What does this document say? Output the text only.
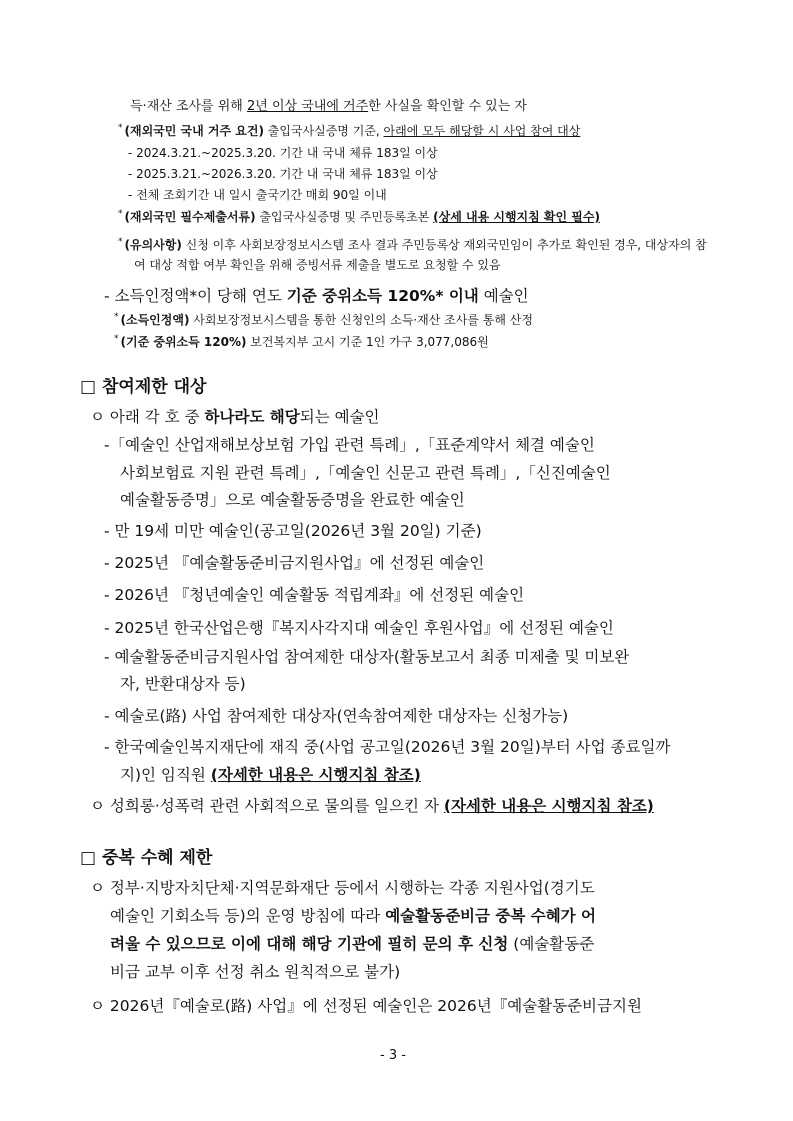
득·재산 조사를 위해 2년 이상 국내에 거주한 사실을 확인할 수 있는 자
* (재외국민 국내 거주 요건) 출입국사실증명 기준, 아래에 모두 해당할 시 사업 참여 대상
- 2024.3.21.~2025.3.20. 기간 내 국내 체류 183일 이상
- 2025.3.21.~2026.3.20. 기간 내 국내 체류 183일 이상
- 전체 조회기간 내 일시 출국기간 매회 90일 이내
* (재외국민 필수제출서류) 출입국사실증명 및 주민등록초본 (상세 내용 시행지침 확인 필수)
* (유의사항) 신청 이후 사회보장정보시스템 조사 결과 주민등록상 재외국민임이 추가로 확인된 경우, 대상자의 참
여 대상 적합 여부 확인을 위해 증빙서류 제출을 별도로 요청할 수 있음
- 소득인정액*이 당해 연도 기준 중위소득 120%* 이내 예술인
* (소득인정액) 사회보장정보시스템을 통한 신청인의 소득·재산 조사를 통해 산정
* (기준 중위소득 120%) 보건복지부 고시 기준 1인 가구 3,077,086원
□ 참여제한 대상
ㅇ 아래 각 호 중 하나라도 해당되는 예술인
-「예술인 산업재해보상보험 가입 관련 특례」,「표준계약서 체결 예술인
사회보험료 지원 관련 특례」,「예술인 신문고 관련 특례」,「신진예술인
예술활동증명」으로 예술활동증명을 완료한 예술인
- 만 19세 미만 예술인(공고일(2026년 3월 20일) 기준)
- 2025년 『예술활동준비금지원사업』에 선정된 예술인
- 2026년 『청년예술인 예술활동 적립계좌』에 선정된 예술인
- 2025년 한국산업은행『복지사각지대 예술인 후원사업』에 선정된 예술인
- 예술활동준비금지원사업 참여제한 대상자(활동보고서 최종 미제출 및 미보완
자, 반환대상자 등)
- 예술로(路) 사업 참여제한 대상자(연속참여제한 대상자는 신청가능)
- 한국예술인복지재단에 재직 중(사업 공고일(2026년 3월 20일)부터 사업 종료일까
지)인 임직원 (자세한 내용은 시행지침 참조)
ㅇ 성희롱·성폭력 관련 사회적으로 물의를 일으킨 자 (자세한 내용은 시행지침 참조)
□ 중복 수혜 제한
ㅇ 정부·지방자치단체·지역문화재단 등에서 시행하는 각종 지원사업(경기도
예술인 기회소득 등)의 운영 방침에 따라 예술활동준비금 중복 수혜가 어
려울 수 있으므로 이에 대해 해당 기관에 필히 문의 후 신청 (예술활동준
비금 교부 이후 선정 취소 원칙적으로 불가)
ㅇ 2026년『예술로(路) 사업』에 선정된 예술인은 2026년『예술활동준비금지원
- 3 -
